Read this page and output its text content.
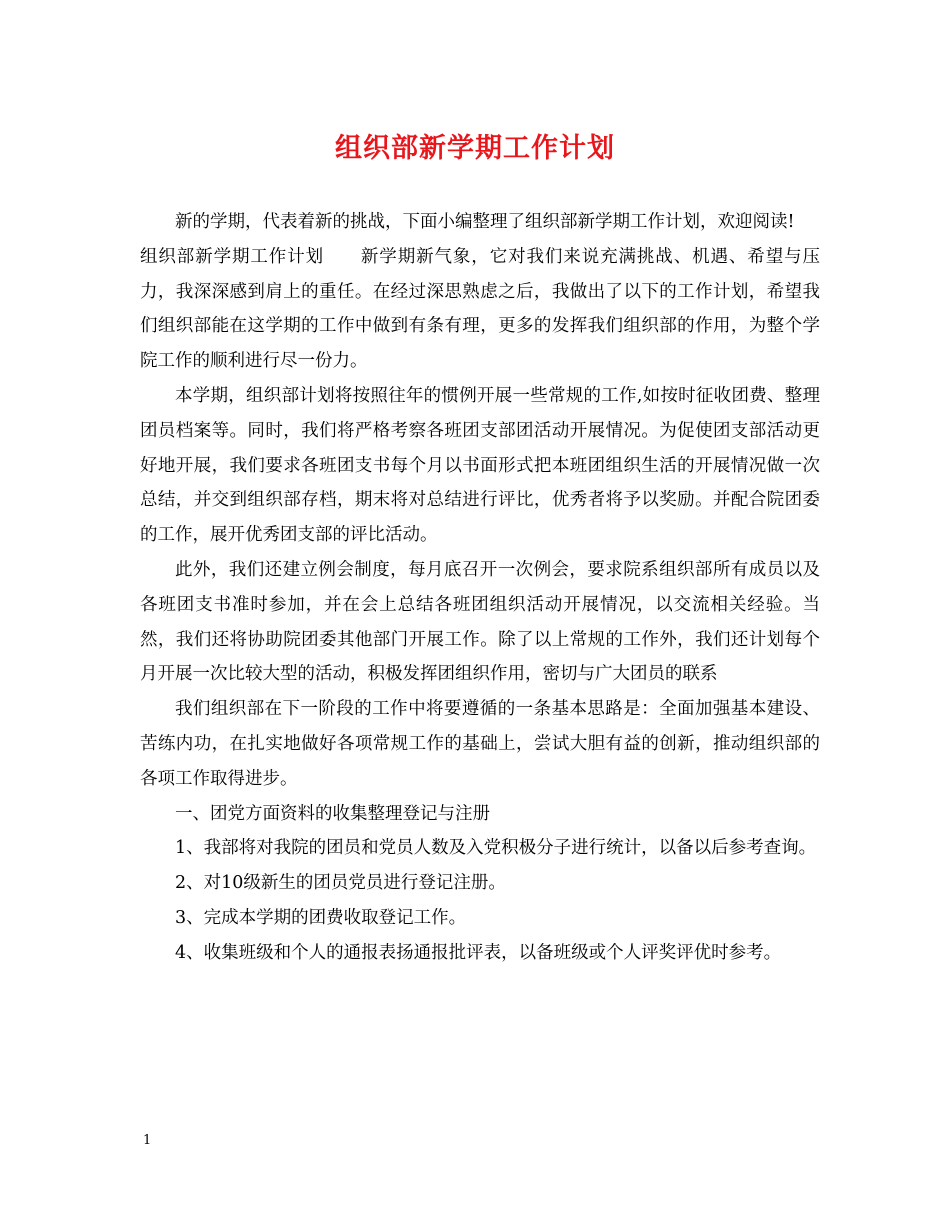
组织部新学期工作计划

新的学期，代表着新的挑战，下面小编整理了组织部新学期工作计划，欢迎阅读!

组织部新学期工作计划 新学期新气象，它对我们来说充满挑战、机遇、希望与压力，我深深感到肩上的重任。在经过深思熟虑之后，我做出了以下的工作计划，希望我们组织部能在这学期的工作中做到有条有理，更多的发挥我们组织部的作用，为整个学院工作的顺利进行尽一份力。

本学期，组织部计划将按照往年的惯例开展一些常规的工作,如按时征收团费、整理团员档案等。同时，我们将严格考察各班团支部团活动开展情况。为促使团支部活动更好地开展，我们要求各班团支书每个月以书面形式把本班团组织生活的开展情况做一次总结，并交到组织部存档，期末将对总结进行评比，优秀者将予以奖励。并配合院团委的工作，展开优秀团支部的评比活动。

此外，我们还建立例会制度，每月底召开一次例会，要求院系组织部所有成员以及各班团支书准时参加，并在会上总结各班团组织活动开展情况，以交流相关经验。当然，我们还将协助院团委其他部门开展工作。除了以上常规的工作外，我们还计划每个月开展一次比较大型的活动，积极发挥团组织作用，密切与广大团员的联系

我们组织部在下一阶段的工作中将要遵循的一条基本思路是：全面加强基本建设、苦练内功，在扎实地做好各项常规工作的基础上，尝试大胆有益的创新，推动组织部的各项工作取得进步。

一、团党方面资料的收集整理登记与注册

1、我部将对我院的团员和党员人数及入党积极分子进行统计，以备以后参考查询。

2、对10级新生的团员党员进行登记注册。

3、完成本学期的团费收取登记工作。

4、收集班级和个人的通报表扬通报批评表，以备班级或个人评奖评优时参考。

1
